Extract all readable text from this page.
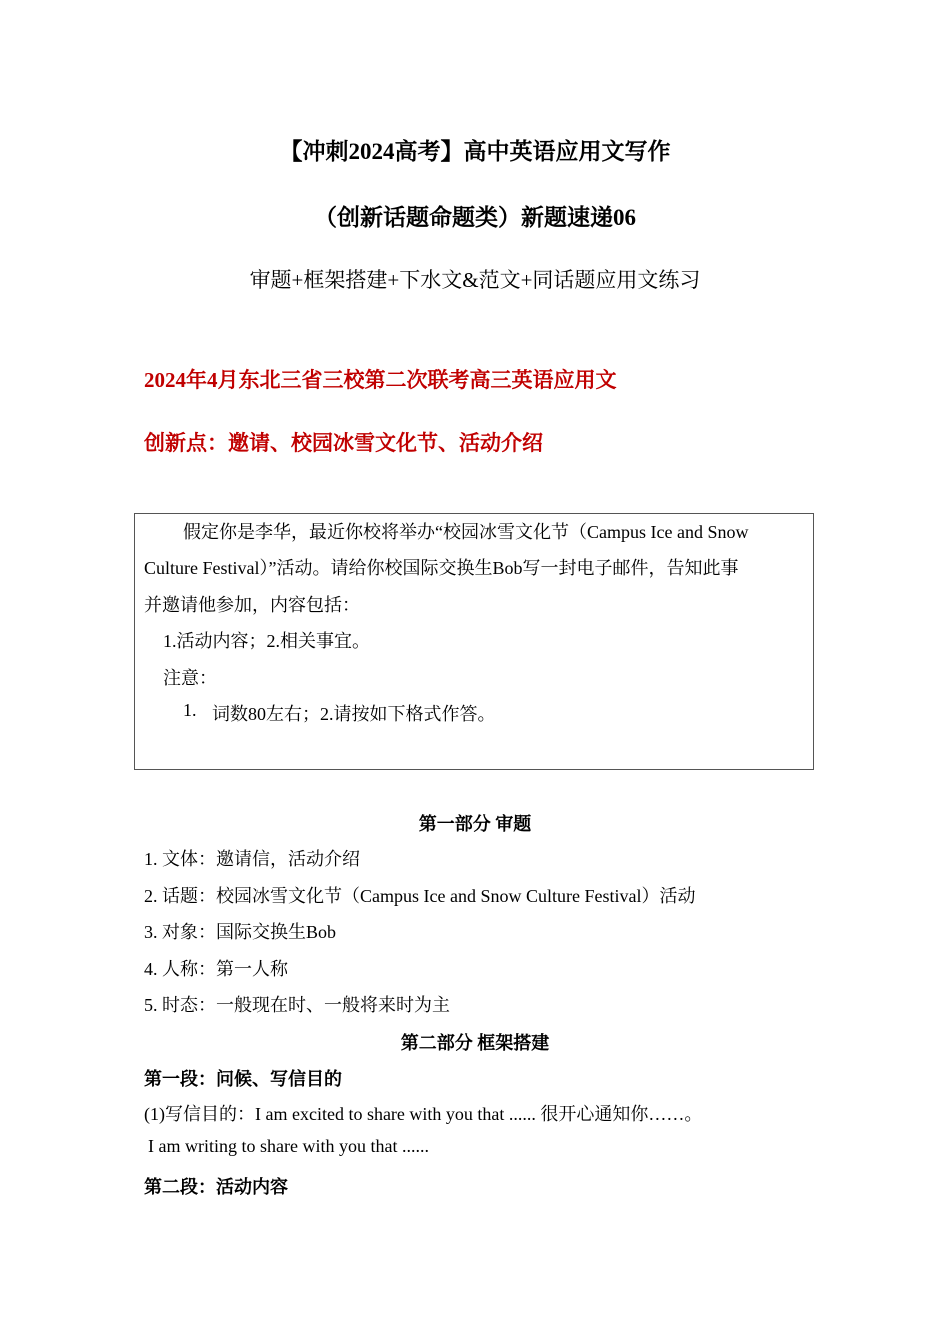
【冲刺2024高考】高中英语应用文写作
（创新话题命题类）新题速递06
审题+框架搭建+下水文&范文+同话题应用文练习
2024年4月东北三省三校第二次联考高三英语应用文
创新点：邀请、校园冰雪文化节、活动介绍
假定你是李华，最近你校将举办“校园冰雪文化节（Campus Ice and Snow
Culture Festival）”活动。请给你校国际交换生Bob写一封电子邮件，告知此事
并邀请他参加，内容包括：
1.活动内容；2.相关事宜。
注意：
1. 词数80左右；2.请按如下格式作答。
第一部分 审题
1. 文体：邀请信，活动介绍
2. 话题：校园冰雪文化节（Campus Ice and Snow Culture Festival）活动
3. 对象：国际交换生Bob
4. 人称：第一人称
5. 时态：一般现在时、一般将来时为主
第二部分 框架搭建
第一段：问候、写信目的
(1)写信目的：I am excited to share with you that ...... 很开心通知你……。
I am writing to share with you that ......
第二段：活动内容
